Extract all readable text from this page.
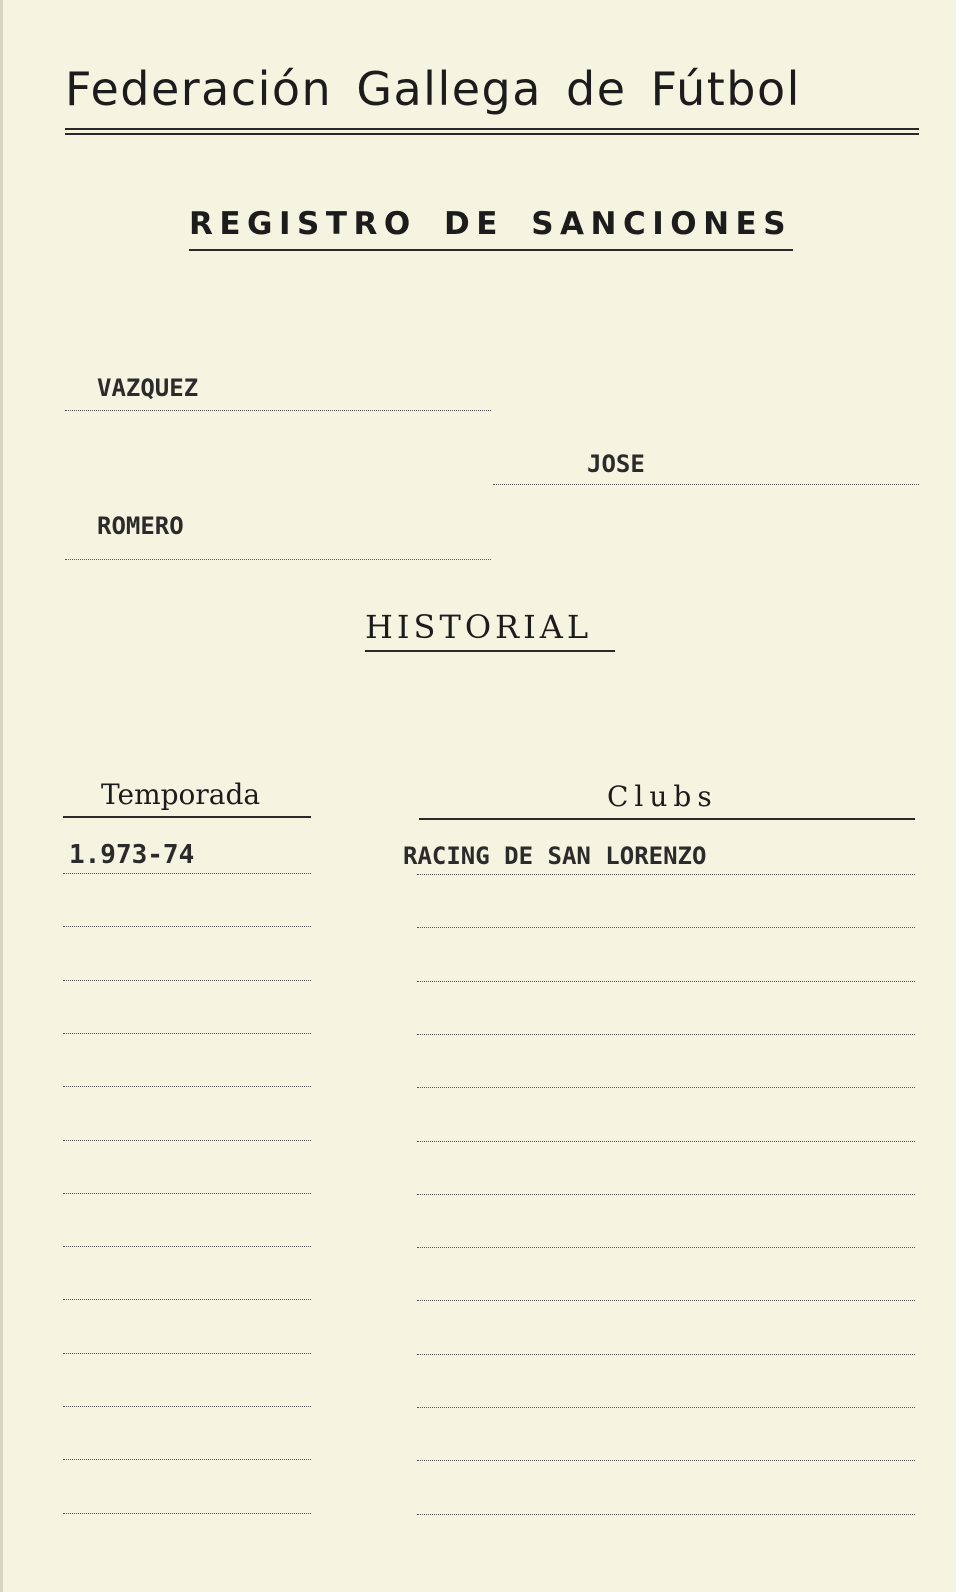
Federación Gallega de Fútbol
REGISTRO DE SANCIONES
VAZQUEZ
JOSE
ROMERO
HISTORIAL
Temporada	Clubs
1.973-74	RACING DE SAN LORENZO
